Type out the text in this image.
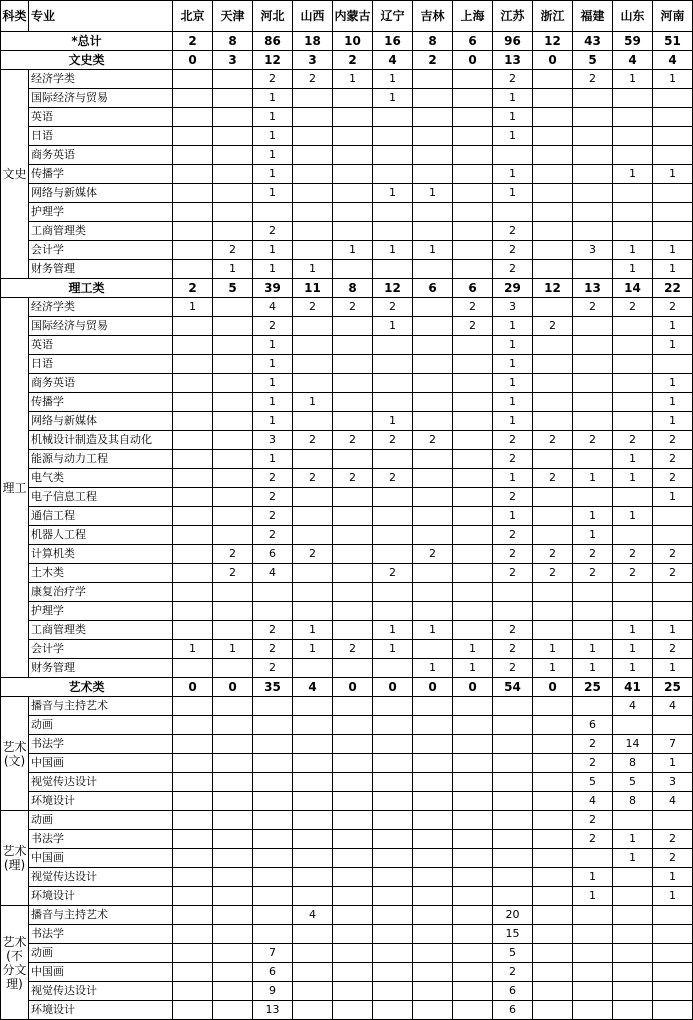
科类	专业	北京	天津	河北	山西	内蒙古	辽宁	吉林	上海	江苏	浙江	福建	山东	河南
*总计		2	8	86	18	10	16	8	6	96	12	43	59	51
文史类		0	3	12	3	2	4	2	0	13	0	5	4	4
文史	经济学类			2	2	1	1			2		2	1	1
	国际经济与贸易			1			1			1				
	英语			1						1				
	日语			1						1				
	商务英语			1										
	传播学			1						1			1	1
	网络与新媒体			1			1	1		1				
	护理学													
	工商管理类			2						2				
	会计学		2	1		1	1	1		2		3	1	1
	财务管理		1	1	1					2			1	1
理工类		2	5	39	11	8	12	6	6	29	12	13	14	22
理工	经济学类	1		4	2	2	2		2	3		2	2	2
	国际经济与贸易			2			1		2	1	2			1
	英语			1						1				1
	日语			1						1				
	商务英语			1						1				1
	传播学			1	1					1				1
	网络与新媒体			1			1			1				1
	机械设计制造及其自动化			3	2	2	2	2		2	2	2	2	2
	能源与动力工程			1						2			1	2
	电气类			2	2	2	2			1	2	1	1	2
	电子信息工程			2						2				1
	通信工程			2						1		1	1	
	机器人工程			2						2		1		
	计算机类		2	6	2			2		2	2	2	2	2
	土木类		2	4			2			2	2	2	2	2
	康复治疗学													
	护理学													
	工商管理类			2	1		1	1		2			1	1
	会计学	1	1	2	1	2	1		1	2	1	1	1	2
	财务管理			2				1	1	2	1	1	1	1
艺术类		0	0	35	4	0	0	0	0	54	0	25	41	25
艺术(文)	播音与主持艺术												4	4
	动画											6		
	书法学											2	14	7
	中国画											2	8	1
	视觉传达设计											5	5	3
	环境设计											4	8	4
艺术(理)	动画											2		
	书法学											2	1	2
	中国画												1	2
	视觉传达设计											1		1
	环境设计											1		1
艺术(不分文理)	播音与主持艺术				4					20				
	书法学									15				
	动画			7						5				
	中国画			6						2				
	视觉传达设计			9						6				
	环境设计			13						6				
